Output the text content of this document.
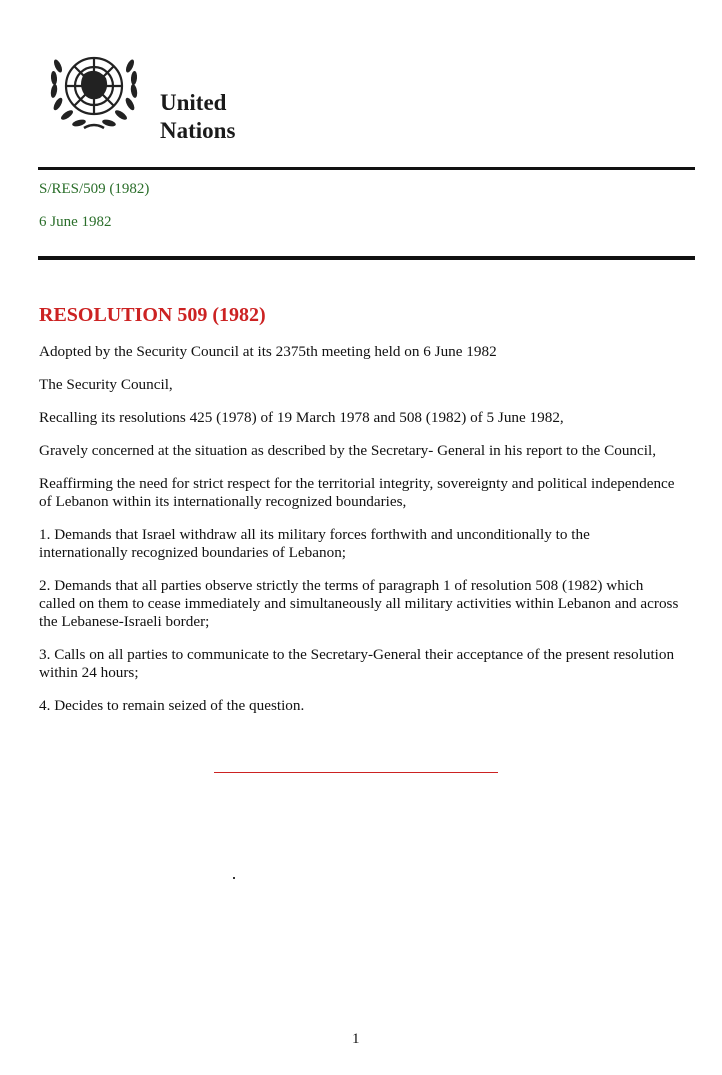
United
Nations
S/RES/509 (1982)
6 June 1982
RESOLUTION 509 (1982)

Adopted by the Security Council at its 2375th meeting held on 6 June 1982

The Security Council,

Recalling its resolutions 425 (1978) of 19 March 1978 and 508 (1982) of 5 June 1982,

Gravely concerned at the situation as described by the Secretary- General in his report to the Council,

Reaffirming the need for strict respect for the territorial integrity, sovereignty and political independence of Lebanon within its internationally recognized boundaries,

1. Demands that Israel withdraw all its military forces forthwith and unconditionally to the internationally recognized boundaries of Lebanon;

2. Demands that all parties observe strictly the terms of paragraph 1 of resolution 508 (1982) which called on them to cease immediately and simultaneously all military activities within Lebanon and across the Lebanese-Israeli border;

3. Calls on all parties to communicate to the Secretary-General their acceptance of the present resolution within 24 hours;

4. Decides to remain seized of the question.

1
